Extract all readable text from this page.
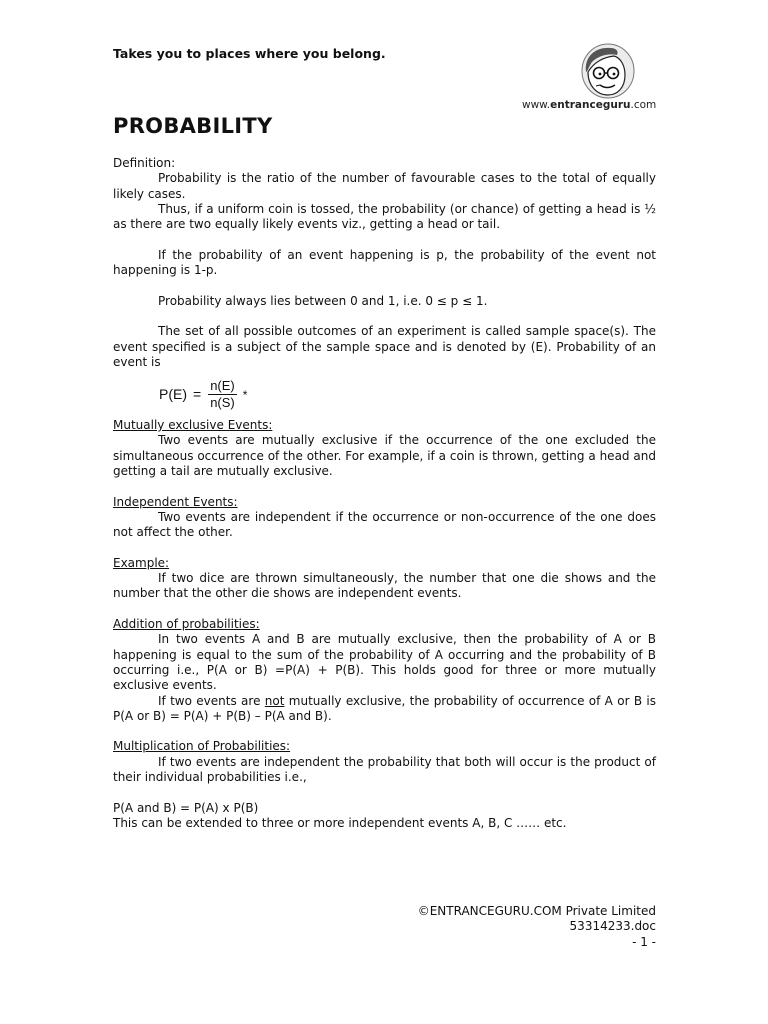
Takes you to places where you belong.
www.entranceguru.com
PROBABILITY

Definition:

Probability is the ratio of the number of favourable cases to the total of equally likely cases.

Thus, if a uniform coin is tossed, the probability (or chance) of getting a head is ½ as there are two equally likely events viz., getting a head or tail.

If the probability of an event happening is p, the probability of the event not happening is 1-p.

Probability always lies between 0 and 1, i.e. 0 ≤ p ≤ 1.

The set of all possible outcomes of an experiment is called sample space(s). The event specified is a subject of the sample space and is denoted by (E). Probability of an event is

$P(E) = \frac{n(E)}{n(S)}$ *

Mutually exclusive Events:

Two events are mutually exclusive if the occurrence of the one excluded the simultaneous occurrence of the other. For example, if a coin is thrown, getting a head and getting a tail are mutually exclusive.

Independent Events:

Two events are independent if the occurrence or non-occurrence of the one does not affect the other.

Example:

If two dice are thrown simultaneously, the number that one die shows and the number that the other die shows are independent events.

Addition of probabilities:

In two events A and B are mutually exclusive, then the probability of A or B happening is equal to the sum of the probability of A occurring and the probability of B occurring i.e., P(A or B) =P(A) + P(B). This holds good for three or more mutually exclusive events.

If two events are not mutually exclusive, the probability of occurrence of A or B is P(A or B) = P(A) + P(B) – P(A and B).

Multiplication of Probabilities:

If two events are independent the probability that both will occur is the product of their individual probabilities i.e.,

P(A and B) = P(A) x P(B)

This can be extended to three or more independent events A, B, C …… etc.

©ENTRANCEGURU.COM Private Limited
53314233.doc
- 1 -
